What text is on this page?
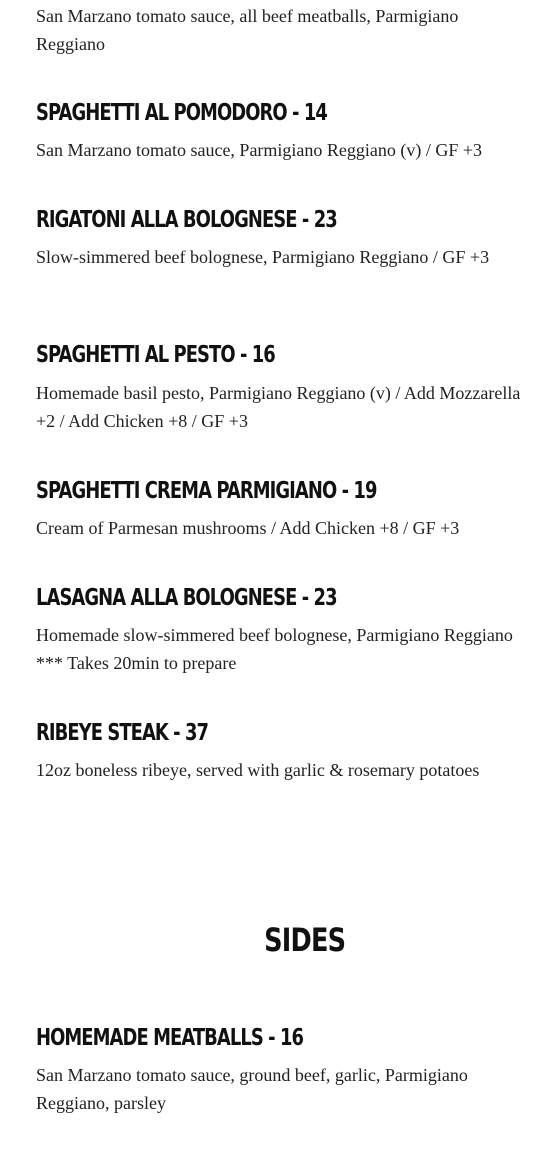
San Marzano tomato sauce, all beef meatballs, Parmigiano Reggiano

SPAGHETTI AL POMODORO - 14

San Marzano tomato sauce, Parmigiano Reggiano (v) / GF +3

RIGATONI ALLA BOLOGNESE - 23

Slow-simmered beef bolognese, Parmigiano Reggiano / GF +3

SPAGHETTI AL PESTO - 16

Homemade basil pesto, Parmigiano Reggiano (v) / Add Mozzarella +2 / Add Chicken +8 / GF +3

SPAGHETTI CREMA PARMIGIANO - 19

Cream of Parmesan mushrooms / Add Chicken +8 / GF +3

LASAGNA ALLA BOLOGNESE - 23

Homemade slow-simmered beef bolognese, Parmigiano Reggiano *** Takes 20min to prepare

RIBEYE STEAK - 37

12oz boneless ribeye, served with garlic & rosemary potatoes

SIDES
HOMEMADE MEATBALLS - 16

San Marzano tomato sauce, ground beef, garlic, Parmigiano Reggiano, parsley
